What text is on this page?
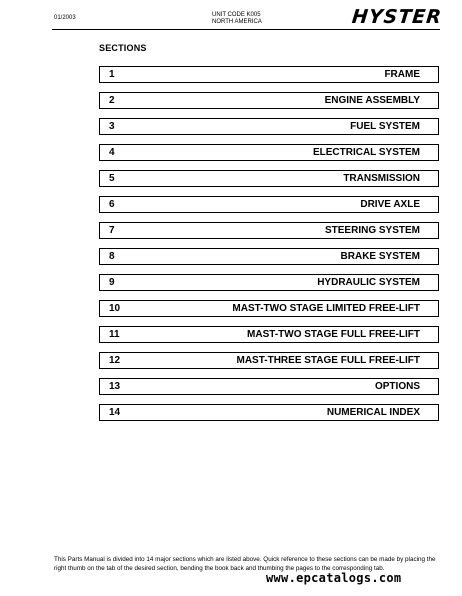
01/2003	UNIT CODE K005
NORTH AMERICA	HYSTER
SECTIONS
1	FRAME
2	ENGINE ASSEMBLY
3	FUEL SYSTEM
4	ELECTRICAL SYSTEM
5	TRANSMISSION
6	DRIVE AXLE
7	STEERING SYSTEM
8	BRAKE SYSTEM
9	HYDRAULIC SYSTEM
10	MAST-TWO STAGE LIMITED FREE-LIFT
11	MAST-TWO STAGE FULL FREE-LIFT
12	MAST-THREE STAGE FULL FREE-LIFT
13	OPTIONS
14	NUMERICAL INDEX
This Parts Manual is divided into 14 major sections which are listed above. Quick reference to these sections can be made by placing the right thumb on the tab of the desired section, bending the book back and thumbing the pages to the corresponding tab.
www.epcatalogs.com
